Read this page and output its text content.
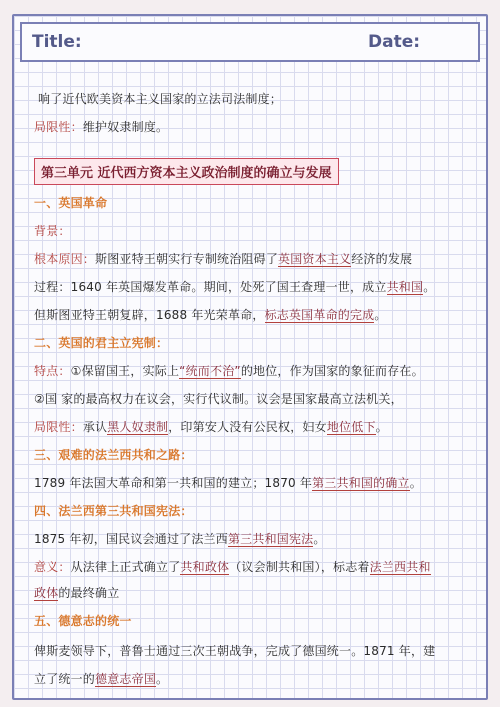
Title:	Date:
响了近代欧美资本主义国家的立法司法制度；
局限性：维护奴隶制度。
第三单元 近代西方资本主义政治制度的确立与发展
一、英国革命
背景：
根本原因：斯图亚特王朝实行专制统治阻碍了英国资本主义经济的发展
过程：1640 年英国爆发革命。期间，处死了国王查理一世，成立共和国。
但斯图亚特王朝复辟，1688 年光荣革命，标志英国革命的完成。
二、英国的君主立宪制：
特点：①保留国王，实际上“统而不治”的地位，作为国家的象征而存在。
②国 家的最高权力在议会，实行代议制。议会是国家最高立法机关，
局限性：承认黑人奴隶制，印第安人没有公民权，妇女地位低下。
三、艰难的法兰西共和之路：
1789 年法国大革命和第一共和国的建立；1870 年第三共和国的确立。
四、法兰西第三共和国宪法：
1875 年初，国民议会通过了法兰西第三共和国宪法。
意义：从法律上正式确立了共和政体（议会制共和国），标志着法兰西共和
政体的最终确立
五、德意志的统一
俾斯麦领导下，普鲁士通过三次王朝战争，完成了德国统一。1871 年，建
立了统一的德意志帝国。
